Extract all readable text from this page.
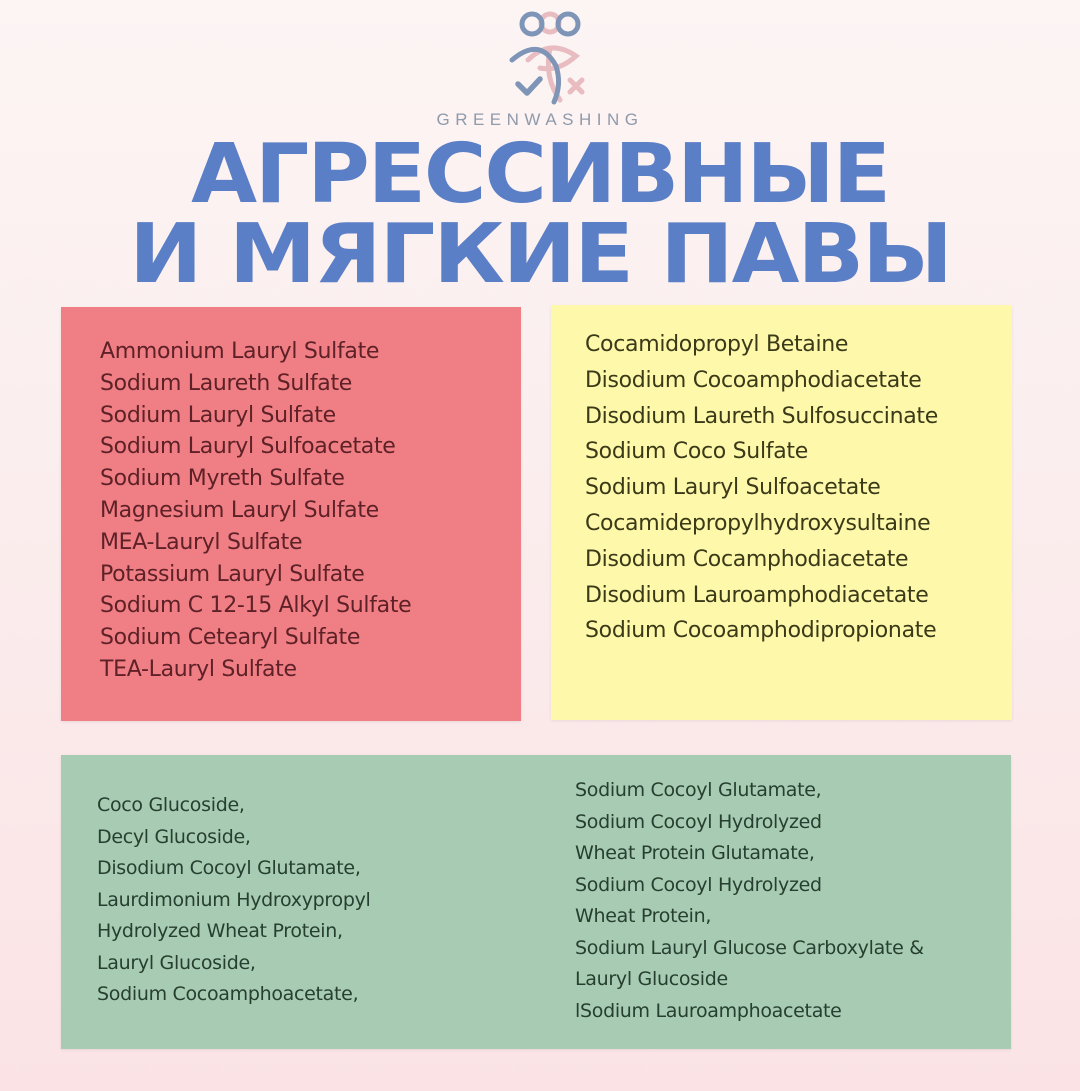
GREENWASHING
АГРЕССИВНЫЕ
И МЯГКИЕ ПАВЫ
Ammonium Lauryl Sulfate
Sodium Laureth Sulfate
Sodium Lauryl Sulfate
Sodium Lauryl Sulfoacetate
Sodium Myreth Sulfate
Magnesium Lauryl Sulfate
MEA-Lauryl Sulfate
Potassium Lauryl Sulfate
Sodium C 12-15 Alkyl Sulfate
Sodium Cetearyl Sulfate
TEA-Lauryl Sulfate
Cocamidopropyl Betaine
Disodium Cocoamphodiacetate
Disodium Laureth Sulfosuccinate
Sodium Coco Sulfate
Sodium Lauryl Sulfoacetate
Cocamidepropylhydroxysultaine
Disodium Cocamphodiacetate
Disodium Lauroamphodiacetate
Sodium Cocoamphodipropionate
Coco Glucoside,
Decyl Glucoside,
Disodium Cocoyl Glutamate,
Laurdimonium Hydroxypropyl
Hydrolyzed Wheat Protein,
Lauryl Glucoside,
Sodium Cocoamphoacetate,
Sodium Cocoyl Glutamate,
Sodium Cocoyl Hydrolyzed
Wheat Protein Glutamate,
Sodium Cocoyl Hydrolyzed
Wheat Protein,
Sodium Lauryl Glucose Carboxylate &
Lauryl Glucoside
lSodium Lauroamphoacetate
